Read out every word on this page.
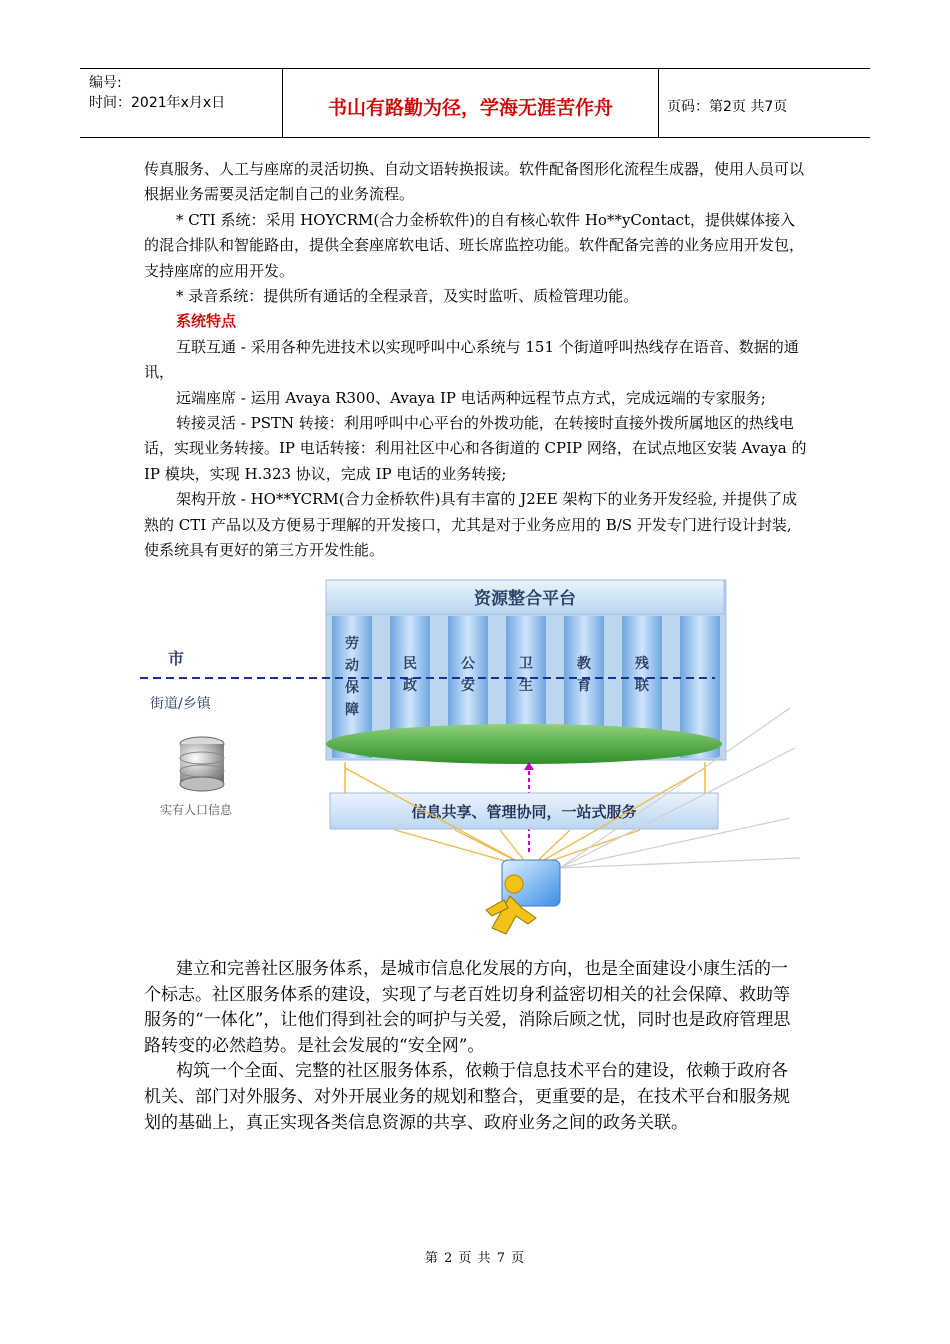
编号:
时间：2021年x月x日	书山有路勤为径，学海无涯苦作舟	页码：第2页 共7页

传真服务、人工与座席的灵活切换、自动文语转换报读。软件配备图形化流程生成器，使用人员可以根据业务需要灵活定制自己的业务流程。

* CTI 系统：采用 HOYCRM(合力金桥软件)的自有核心软件 Ho**yContact，提供媒体接入的混合排队和智能路由，提供全套座席软电话、班长席监控功能。软件配备完善的业务应用开发包，支持座席的应用开发。

* 录音系统：提供所有通话的全程录音，及实时监听、质检管理功能。

系统特点

互联互通 - 采用各种先进技术以实现呼叫中心系统与 151 个街道呼叫热线存在语音、数据的通讯，

远端座席 - 运用 Avaya R300、Avaya IP 电话两种远程节点方式，完成远端的专家服务;

转接灵活 - PSTN 转接：利用呼叫中心平台的外拨功能，在转接时直接外拨所属地区的热线电话，实现业务转接。IP 电话转接：利用社区中心和各街道的 CPIP 网络，在试点地区安装 Avaya 的 IP 模块，实现 H.323 协议，完成 IP 电话的业务转接;

架构开放 - HO**YCRM(合力金桥软件)具有丰富的 J2EE 架构下的业务开发经验, 并提供了成熟的 CTI 产品以及方便易于理解的开发接口，尤其是对于业务应用的 B/S 开发专门进行设计封装, 使系统具有更好的第三方开发性能。

资源整合平台
劳动保障
民政
公安
卫生
教育
残联
市
街道/乡镇
实有人口信息	信息共享、管理协同，一站式服务

建立和完善社区服务体系，是城市信息化发展的方向，也是全面建设小康生活的一个标志。社区服务体系的建设，实现了与老百姓切身利益密切相关的社会保障、救助等服务的“一体化”，让他们得到社会的呵护与关爱，消除后顾之忧，同时也是政府管理思路转变的必然趋势。是社会发展的“安全网”。

构筑一个全面、完整的社区服务体系，依赖于信息技术平台的建设，依赖于政府各机关、部门对外服务、对外开展业务的规划和整合，更重要的是，在技术平台和服务规划的基础上，真正实现各类信息资源的共享、政府业务之间的政务关联。

第 2 页 共 7 页
